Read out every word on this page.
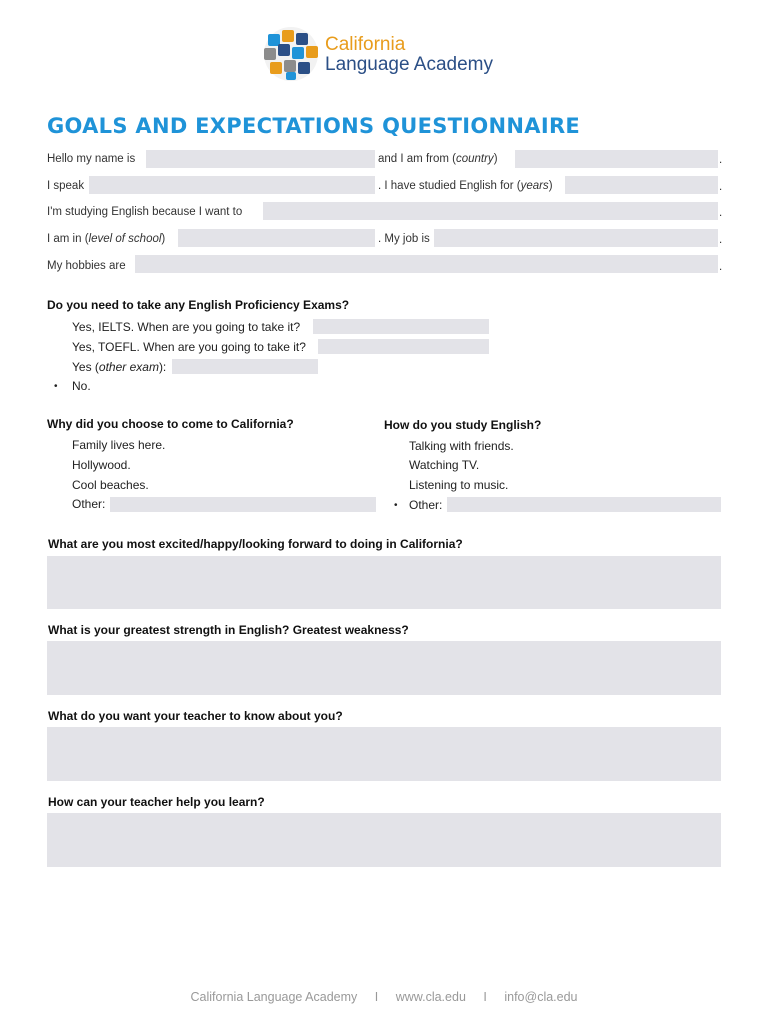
California
Language Academy
GOALS AND EXPECTATIONS QUESTIONNAIRE
Hello my name is	and I am from (country)	.
I speak	. I have studied English for (years)	.
I'm studying English because I want to	.
I am in (level of school)	. My job is	.
My hobbies are	.
Do you need to take any English Proficiency Exams?
Yes, IELTS. When are you going to take it?
Yes, TOEFL. When are you going to take it?
Yes (other exam):
• No.
Why did you choose to come to California?
Family lives here.
Hollywood.
Cool beaches.
Other:
How do you study English?
Talking with friends.
Watching TV.
Listening to music.
• Other:
What are you most excited/happy/looking forward to doing in California?
What is your greatest strength in English? Greatest weakness?
What do you want your teacher to know about you?
How can your teacher help you learn?
California Language Academy I www.cla.edu I info@cla.edu
